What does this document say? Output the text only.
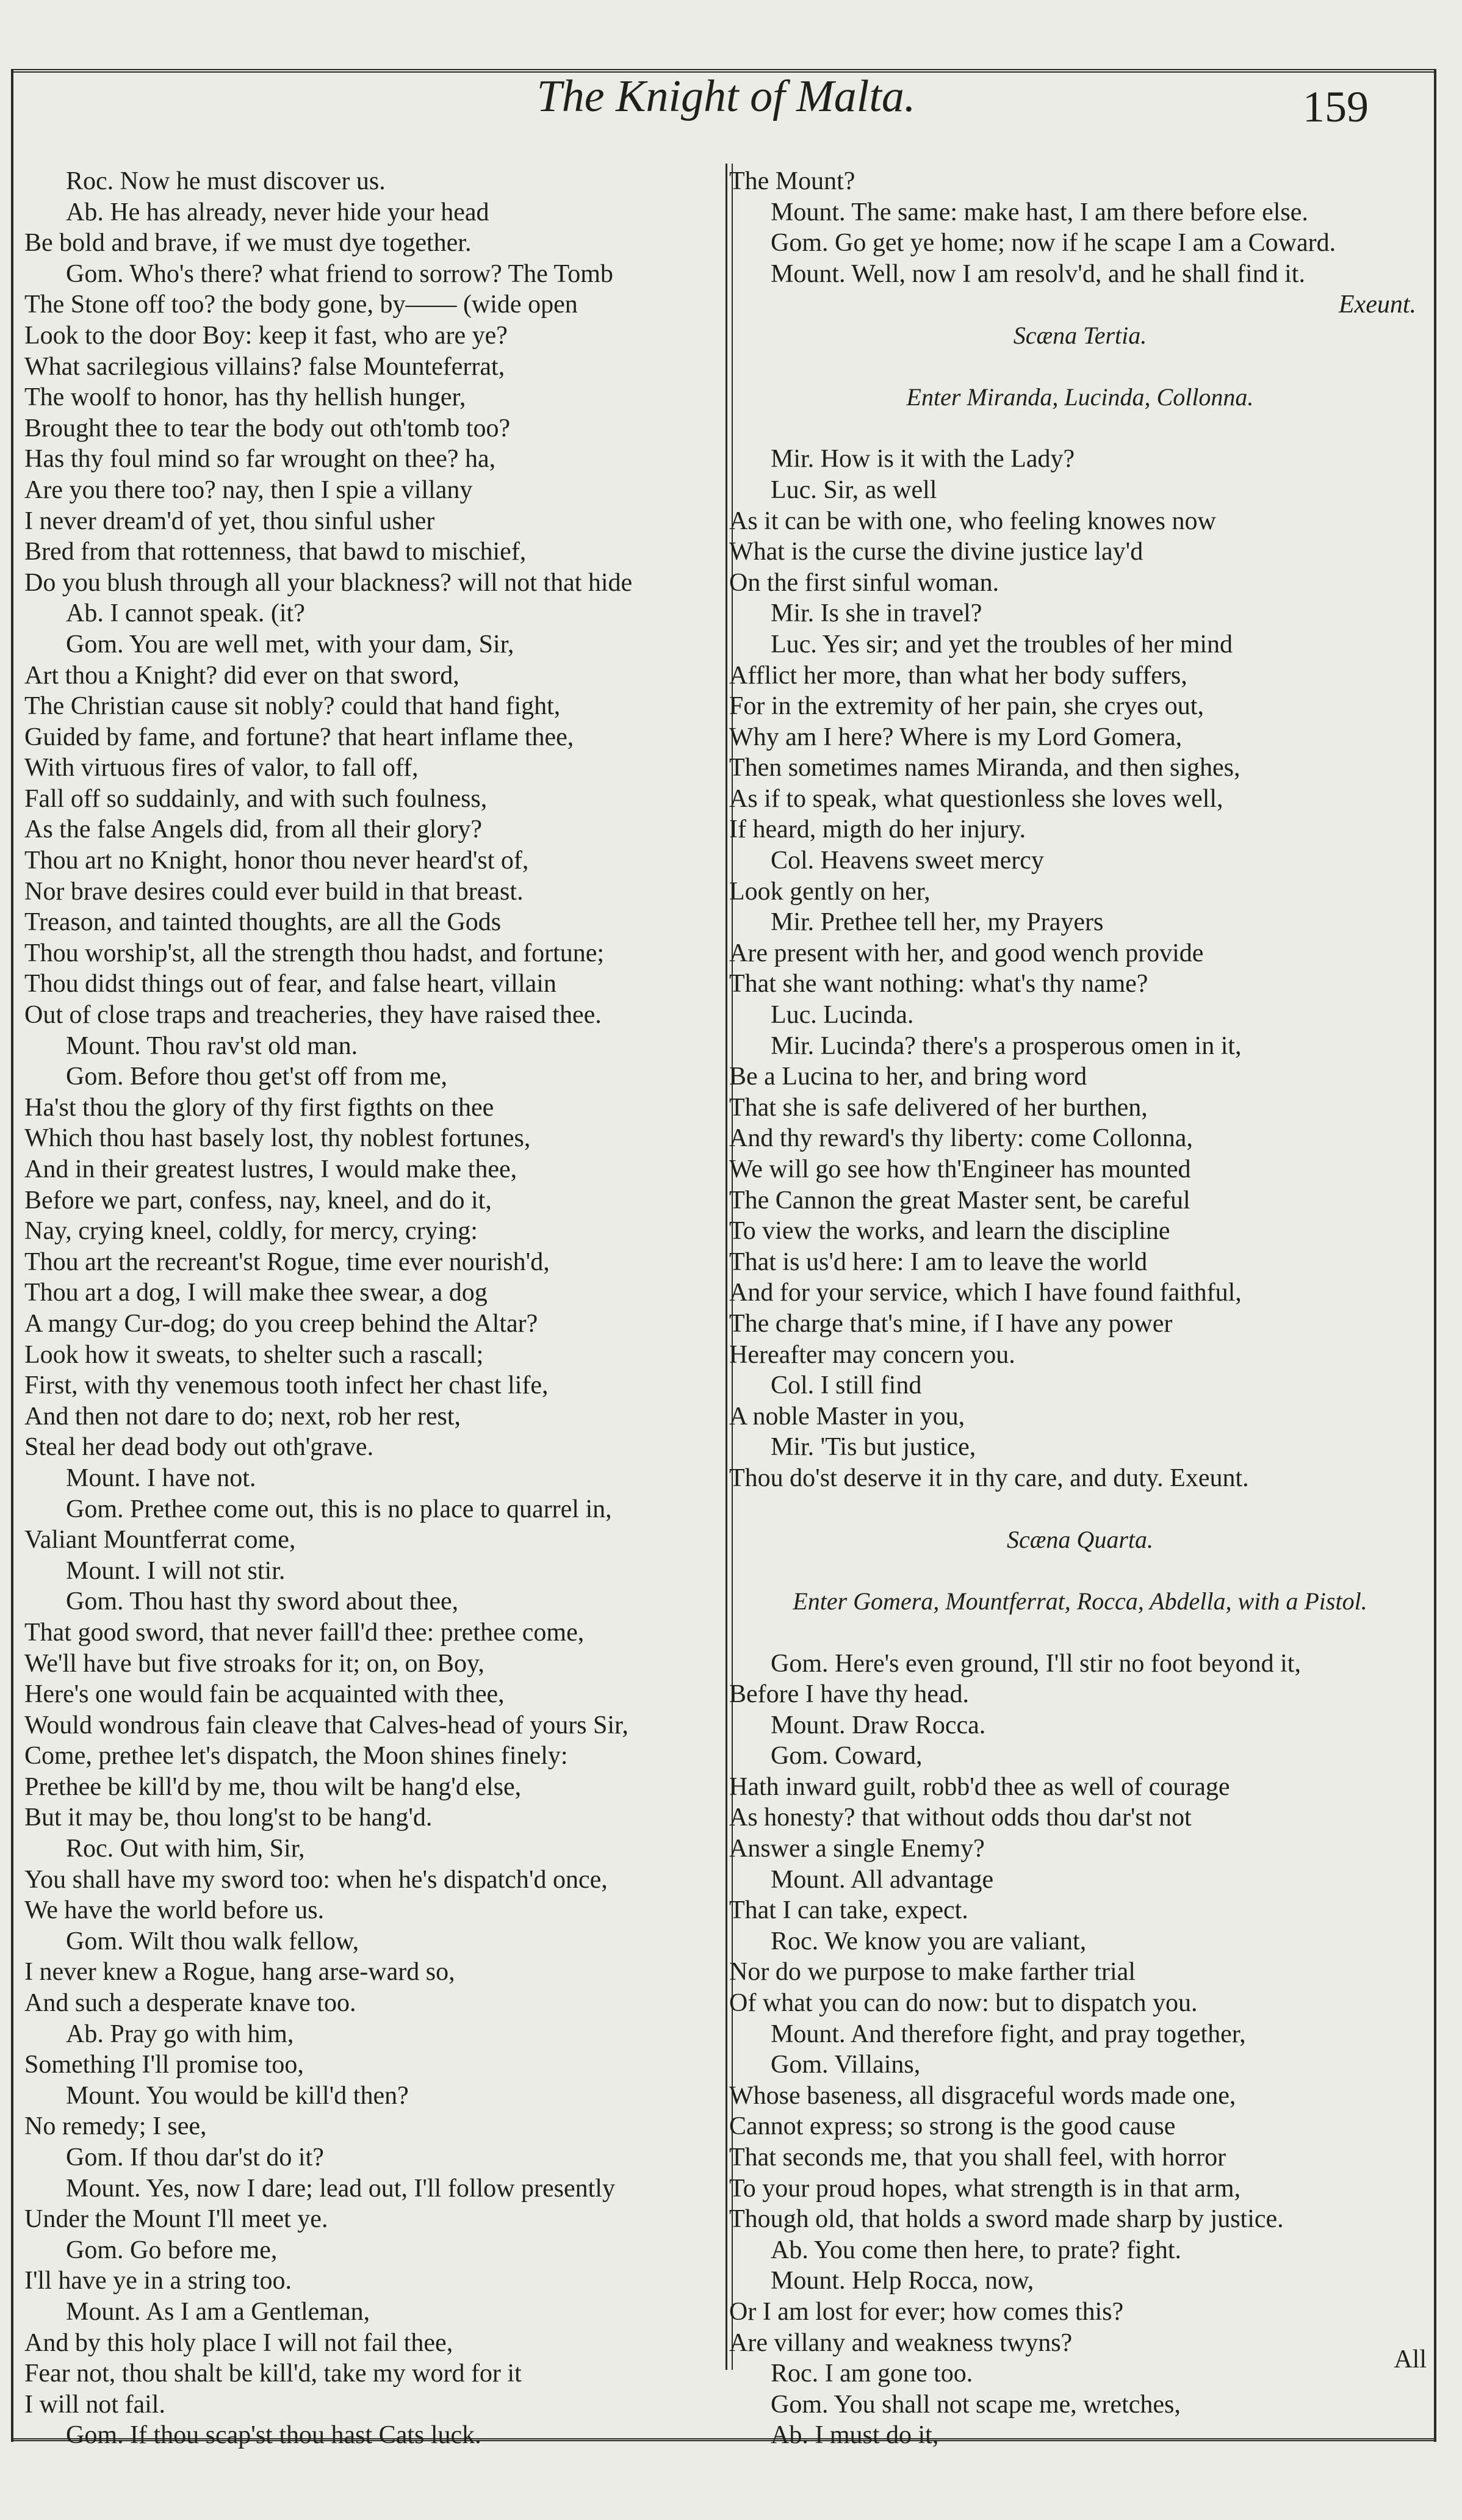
The Knight of Malta.	159
Roc. Now he must discover us.
Ab. He has already, never hide your head
Be bold and brave, if we must dye together.
Gom. Who's there? what friend to sorrow? The Tomb
The Stone off too? the body gone, by—— (wide open
Look to the door Boy: keep it fast, who are ye?
What sacrilegious villains? false Mounteferrat,
The woolf to honor, has thy hellish hunger,
Brought thee to tear the body out oth'tomb too?
Has thy foul mind so far wrought on thee? ha,
Are you there too? nay, then I spie a villany
I never dream'd of yet, thou sinful usher
Bred from that rottenness, that bawd to mischief,
Do you blush through all your blackness? will not that hide
Ab. I cannot speak. (it?
Gom. You are well met, with your dam, Sir,
Art thou a Knight? did ever on that sword,
The Christian cause sit nobly? could that hand fight,
Guided by fame, and fortune? that heart inflame thee,
With virtuous fires of valor, to fall off,
Fall off so suddainly, and with such foulness,
As the false Angels did, from all their glory?
Thou art no Knight, honor thou never heard'st of,
Nor brave desires could ever build in that breast.
Treason, and tainted thoughts, are all the Gods
Thou worship'st, all the strength thou hadst, and fortune;
Thou didst things out of fear, and false heart, villain
Out of close traps and treacheries, they have raised thee.
Mount. Thou rav'st old man.
Gom. Before thou get'st off from me,
Ha'st thou the glory of thy first figthts on thee
Which thou hast basely lost, thy noblest fortunes,
And in their greatest lustres, I would make thee,
Before we part, confess, nay, kneel, and do it,
Nay, crying kneel, coldly, for mercy, crying:
Thou art the recreant'st Rogue, time ever nourish'd,
Thou art a dog, I will make thee swear, a dog
A mangy Cur-dog; do you creep behind the Altar?
Look how it sweats, to shelter such a rascall;
First, with thy venemous tooth infect her chast life,
And then not dare to do; next, rob her rest,
Steal her dead body out oth'grave.
Mount. I have not.
Gom. Prethee come out, this is no place to quarrel in,
Valiant Mountferrat come,
Mount. I will not stir.
Gom. Thou hast thy sword about thee,
That good sword, that never faill'd thee: prethee come,
We'll have but five stroaks for it; on, on Boy,
Here's one would fain be acquainted with thee,
Would wondrous fain cleave that Calves-head of yours Sir,
Come, prethee let's dispatch, the Moon shines finely:
Prethee be kill'd by me, thou wilt be hang'd else,
But it may be, thou long'st to be hang'd.
Roc. Out with him, Sir,
You shall have my sword too: when he's dispatch'd once,
We have the world before us.
Gom. Wilt thou walk fellow,
I never knew a Rogue, hang arse-ward so,
And such a desperate knave too.
Ab. Pray go with him,
Something I'll promise too,
Mount. You would be kill'd then?
No remedy; I see,
Gom. If thou dar'st do it?
Mount. Yes, now I dare; lead out, I'll follow presently
Under the Mount I'll meet ye.
Gom. Go before me,
I'll have ye in a string too.
Mount. As I am a Gentleman,
And by this holy place I will not fail thee,
Fear not, thou shalt be kill'd, take my word for it
I will not fail.
Gom. If thou scap'st thou hast Cats luck.
The Mount?
Mount. The same: make hast, I am there before else.
Gom. Go get ye home; now if he scape I am a Coward.
Mount. Well, now I am resolv'd, and he shall find it.
Exeunt.
Scæna Tertia.
Enter Miranda, Lucinda, Collonna.
Mir. How is it with the Lady?
Luc. Sir, as well
As it can be with one, who feeling knowes now
What is the curse the divine justice lay'd
On the first sinful woman.
Mir. Is she in travel?
Luc. Yes sir; and yet the troubles of her mind
Afflict her more, than what her body suffers,
For in the extremity of her pain, she cryes out,
Why am I here? Where is my Lord Gomera,
Then sometimes names Miranda, and then sighes,
As if to speak, what questionless she loves well,
If heard, migth do her injury.
Col. Heavens sweet mercy
Look gently on her,
Mir. Prethee tell her, my Prayers
Are present with her, and good wench provide
That she want nothing: what's thy name?
Luc. Lucinda.
Mir. Lucinda? there's a prosperous omen in it,
Be a Lucina to her, and bring word
That she is safe delivered of her burthen,
And thy reward's thy liberty: come Collonna,
We will go see how th'Engineer has mounted
The Cannon the great Master sent, be careful
To view the works, and learn the discipline
That is us'd here: I am to leave the world
And for your service, which I have found faithful,
The charge that's mine, if I have any power
Hereafter may concern you.
Col. I still find
A noble Master in you,
Mir. 'Tis but justice,
Thou do'st deserve it in thy care, and duty. Exeunt.
Scæna Quarta.
Enter Gomera, Mountferrat, Rocca, Abdella, with a Pistol.
Gom. Here's even ground, I'll stir no foot beyond it,
Before I have thy head.
Mount. Draw Rocca.
Gom. Coward,
Hath inward guilt, robb'd thee as well of courage
As honesty? that without odds thou dar'st not
Answer a single Enemy?
Mount. All advantage
That I can take, expect.
Roc. We know you are valiant,
Nor do we purpose to make farther trial
Of what you can do now: but to dispatch you.
Mount. And therefore fight, and pray together,
Gom. Villains,
Whose baseness, all disgraceful words made one,
Cannot express; so strong is the good cause
That seconds me, that you shall feel, with horror
To your proud hopes, what strength is in that arm,
Though old, that holds a sword made sharp by justice.
Ab. You come then here, to prate? fight.
Mount. Help Rocca, now,
Or I am lost for ever; how comes this?
Are villany and weakness twyns?
Roc. I am gone too.
Gom. You shall not scape me, wretches,
Ab. I must do it,
All
